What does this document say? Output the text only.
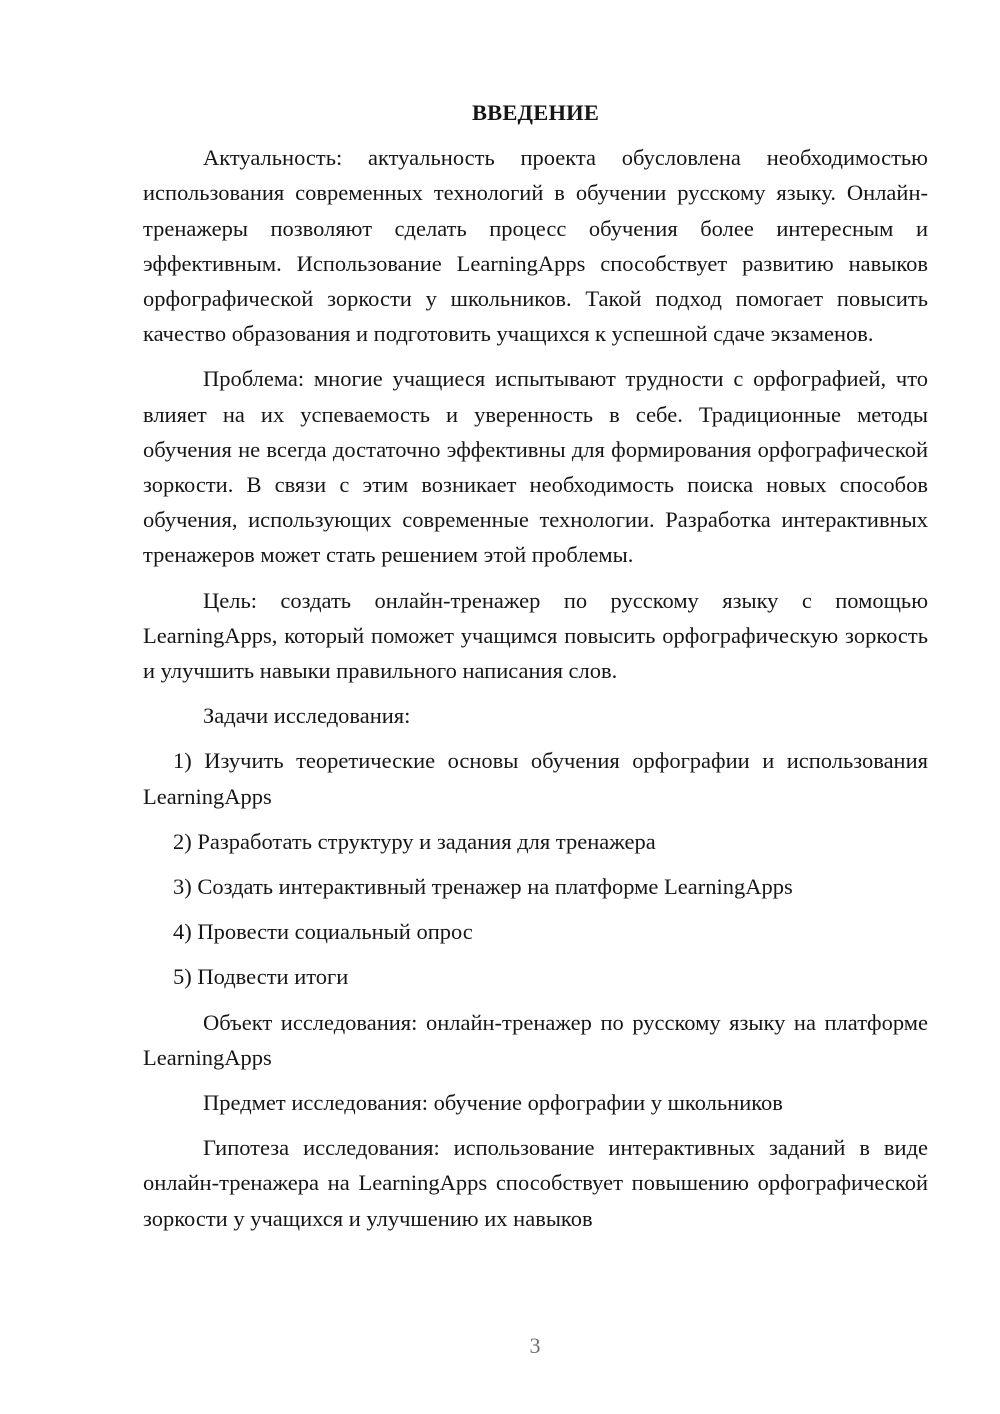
ВВЕДЕНИЕ

Актуальность: актуальность проекта обусловлена необходимостью использования современных технологий в обучении русскому языку. Онлайн-тренажеры позволяют сделать процесс обучения более интересным и эффективным. Использование LearningApps способствует развитию навыков орфографической зоркости у школьников. Такой подход помогает повысить качество образования и подготовить учащихся к успешной сдаче экзаменов.

Проблема: многие учащиеся испытывают трудности с орфографией, что влияет на их успеваемость и уверенность в себе. Традиционные методы обучения не всегда достаточно эффективны для формирования орфографической зоркости. В связи с этим возникает необходимость поиска новых способов обучения, использующих современные технологии. Разработка интерактивных тренажеров может стать решением этой проблемы.

Цель: создать онлайн-тренажер по русскому языку с помощью LearningApps, который поможет учащимся повысить орфографическую зоркость и улучшить навыки правильного написания слов.

Задачи исследования:

1) Изучить теоретические основы обучения орфографии и использования LearningApps

2) Разработать структуру и задания для тренажера

3) Создать интерактивный тренажер на платформе LearningApps

4) Провести социальный опрос

5) Подвести итоги

Объект исследования: онлайн-тренажер по русскому языку на платформе LearningApps

Предмет исследования: обучение орфографии у школьников

Гипотеза исследования: использование интерактивных заданий в виде онлайн-тренажера на LearningApps способствует повышению орфографической зоркости у учащихся и улучшению их навыков

3
